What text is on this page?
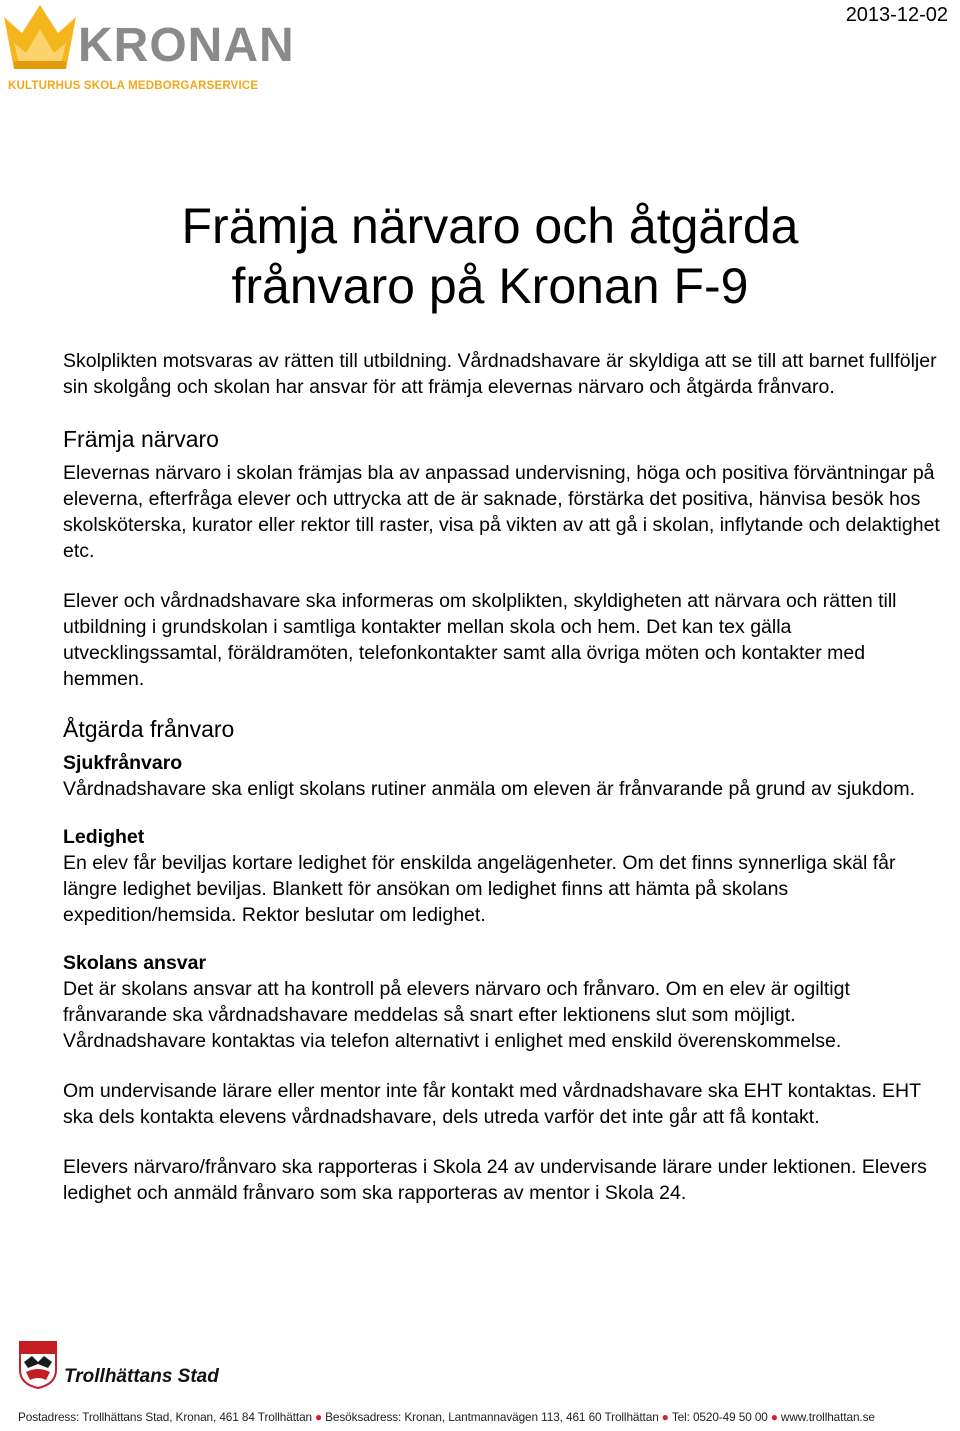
KRONAN
KULTURHUS SKOLA MEDBORGARSERVICE
2013-12-02
Främja närvaro och åtgärda
frånvaro på Kronan F-9

Skolplikten motsvaras av rätten till utbildning. Vårdnadshavare är skyldiga att se till att barnet fullföljer sin skolgång och skolan har ansvar för att främja elevernas närvaro och åtgärda frånvaro.

Främja närvaro

Elevernas närvaro i skolan främjas bla av anpassad undervisning, höga och positiva förväntningar på eleverna, efterfråga elever och uttrycka att de är saknade, förstärka det positiva, hänvisa besök hos skolsköterska, kurator eller rektor till raster, visa på vikten av att gå i skolan, inflytande och delaktighet etc.

Elever och vårdnadshavare ska informeras om skolplikten, skyldigheten att närvara och rätten till utbildning i grundskolan i samtliga kontakter mellan skola och hem. Det kan tex gälla utvecklingssamtal, föräldramöten, telefonkontakter samt alla övriga möten och kontakter med hemmen.

Åtgärda frånvaro

Sjukfrånvaro

Vårdnadshavare ska enligt skolans rutiner anmäla om eleven är frånvarande på grund av sjukdom.

Ledighet

En elev får beviljas kortare ledighet för enskilda angelägenheter. Om det finns synnerliga skäl får längre ledighet beviljas. Blankett för ansökan om ledighet finns att hämta på skolans expedition/hemsida. Rektor beslutar om ledighet.

Skolans ansvar

Det är skolans ansvar att ha kontroll på elevers närvaro och frånvaro. Om en elev är ogiltigt frånvarande ska vårdnadshavare meddelas så snart efter lektionens slut som möjligt. Vårdnadshavare kontaktas via telefon alternativt i enlighet med enskild överenskommelse.

Om undervisande lärare eller mentor inte får kontakt med vårdnadshavare ska EHT kontaktas. EHT ska dels kontakta elevens vårdnadshavare, dels utreda varför det inte går att få kontakt.

Elevers närvaro/frånvaro ska rapporteras i Skola 24 av undervisande lärare under lektionen. Elevers ledighet och anmäld frånvaro som ska rapporteras av mentor i Skola 24.

Trollhättans Stad
Postadress: Trollhättans Stad, Kronan, 461 84 Trollhättan ● Besöksadress: Kronan, Lantmannavägen 113, 461 60 Trollhättan ● Tel: 0520-49 50 00 ● www.trollhattan.se
